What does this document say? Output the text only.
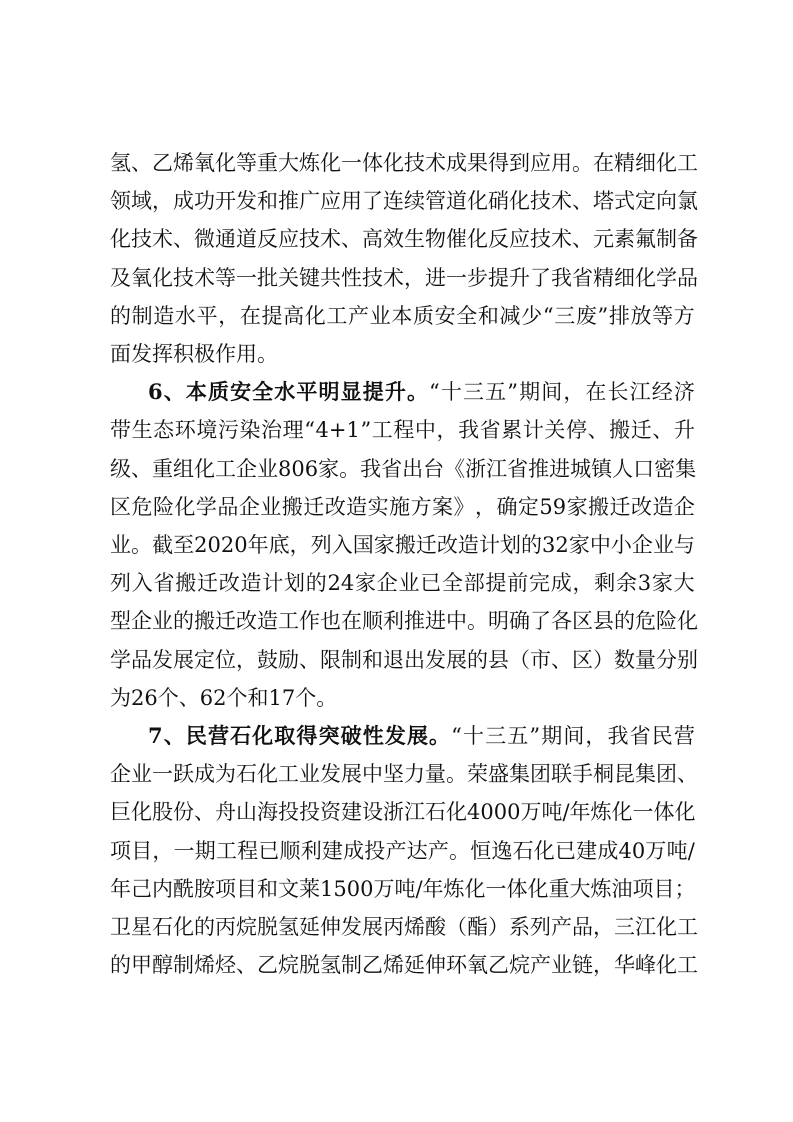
氢 、 乙 烯 氧 化 等 重 大 炼 化 一 体 化 技 术 成 果 得 到 应 用 。 在 精 细 化 工
领 域 ， 成 功 开 发 和 推 广 应 用 了 连 续 管 道 化 硝 化 技 术 、 塔 式 定 向 氯
化 技 术 、 微 通 道 反 应 技 术 、 高 效 生 物 催 化 反 应 技 术 、 元 素 氟 制 备
及 氧 化 技 术 等 一 批 关 键 共 性 技 术 ， 进 一 步 提 升 了 我 省 精 细 化 学 品
的 制 造 水 平 ， 在 提 高 化 工 产 业 本 质 安 全 和 减 少 “ 三 废 ” 排 放 等 方
面 发 挥 积 极 作 用 。
6 、 本 质 安 全 水 平 明 显 提 升 。 “ 十 三 五 ” 期 间 ， 在 长 江 经 济
带 生 态 环 境 污 染 治 理 “ 4+1 ” 工 程 中 ， 我 省 累 计 关 停 、 搬 迁 、 升
级 、 重 组 化 工 企 业 806 家 。 我 省 出 台 《 浙 江 省 推 进 城 镇 人 口 密 集
区 危 险 化 学 品 企 业 搬 迁 改 造 实 施 方 案 》 ， 确 定 59 家 搬 迁 改 造 企
业 。 截 至 2020 年 底 ， 列 入 国 家 搬 迁 改 造 计 划 的 32 家 中 小 企 业 与
列 入 省 搬 迁 改 造 计 划 的 24 家 企 业 已 全 部 提 前 完 成 ， 剩 余 3 家 大
型 企 业 的 搬 迁 改 造 工 作 也 在 顺 利 推 进 中 。 明 确 了 各 区 县 的 危 险 化
学 品 发 展 定 位 ， 鼓 励 、 限 制 和 退 出 发 展 的 县 （ 市 、 区 ） 数 量 分 别
为 26 个 、 62 个 和 17 个 。
7 、 民 营 石 化 取 得 突 破 性 发 展 。 “ 十 三 五 ” 期 间 ， 我 省 民 营
企 业 一 跃 成 为 石 化 工 业 发 展 中 坚 力 量 。 荣 盛 集 团 联 手 桐 昆 集 团 、
巨 化 股 份 、 舟 山 海 投 投 资 建 设 浙 江 石 化 4000 万 吨 / 年 炼 化 一 体 化
项 目 ， 一 期 工 程 已 顺 利 建 成 投 产 达 产 。 恒 逸 石 化 已 建 成 40 万 吨 /
年 己 内 酰 胺 项 目 和 文 莱 1500 万 吨 / 年 炼 化 一 体 化 重 大 炼 油 项 目 ；
卫 星 石 化 的 丙 烷 脱 氢 延 伸 发 展 丙 烯 酸 （ 酯 ） 系 列 产 品 ， 三 江 化 工
的 甲 醇 制 烯 烃 、 乙 烷 脱 氢 制 乙 烯 延 伸 环 氧 乙 烷 产 业 链 ， 华 峰 化 工
